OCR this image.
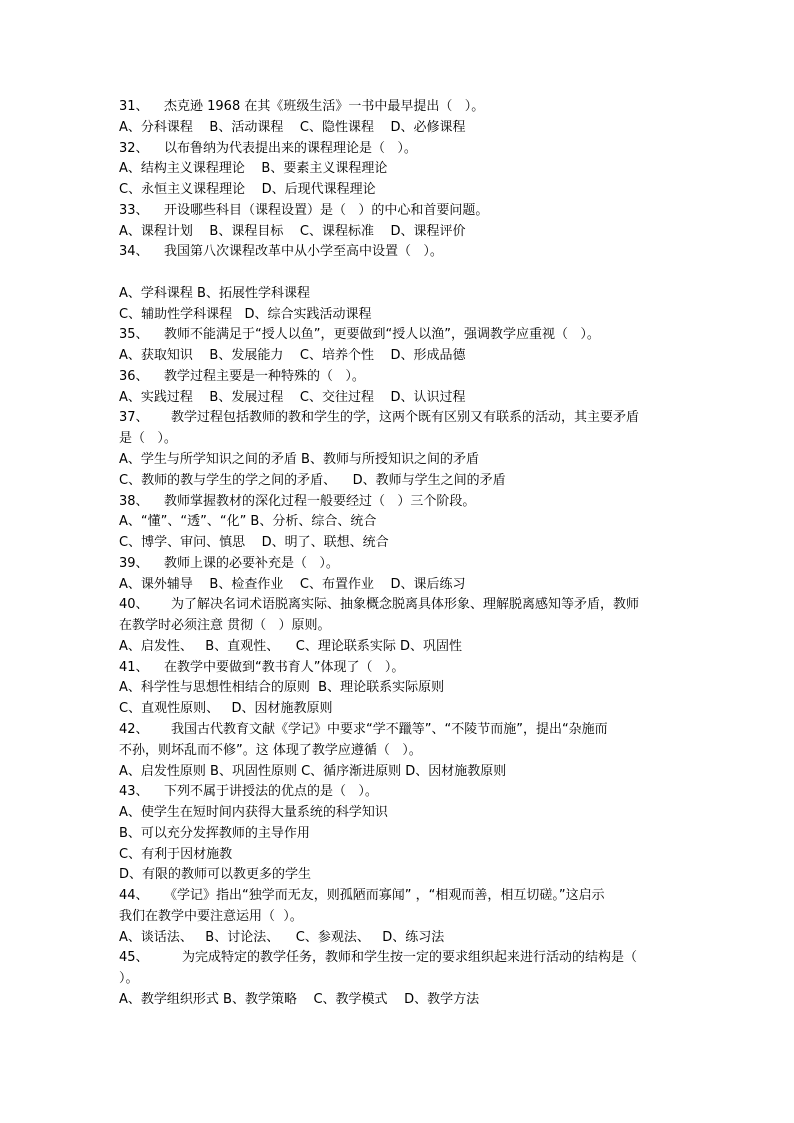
31、 杰克逊 1968 在其《班级生活》一书中最早提出（   ）。
A、分科课程    B、活动课程    C、隐性课程    D、必修课程
32、 以布鲁纳为代表提出来的课程理论是（   ）。
A、结构主义课程理论    B、要素主义课程理论
C、永恒主义课程理论    D、后现代课程理论
33、 开设哪些科目（课程设置）是（   ）的中心和首要问题。
A、课程计划    B、课程目标    C、课程标准    D、课程评价
34、 我国第八次课程改革中从小学至高中设置（   ）。
A、学科课程 B、拓展性学科课程
C、辅助性学科课程   D、综合实践活动课程
35、 教师不能满足于“授人以鱼”，更要做到“授人以渔”，强调教学应重视（   ）。
A、获取知识    B、发展能力    C、培养个性    D、形成品德
36、 教学过程主要是一种特殊的（   ）。
A、实践过程    B、发展过程    C、交往过程    D、认识过程
37、 教学过程包括教师的教和学生的学，这两个既有区别又有联系的活动，其主要矛盾
是（   ）。
A、学生与所学知识之间的矛盾 B、教师与所授知识之间的矛盾
C、教师的教与学生的学之间的矛盾、    D、教师与学生之间的矛盾
38、 教师掌握教材的深化过程一般要经过（   ）三个阶段。
A、“懂”、“透”、“化” B、分析、综合、统合
C、博学、审问、慎思    D、明了、联想、统合
39、 教师上课的必要补充是（   ）。
A、课外辅导    B、检查作业    C、布置作业    D、课后练习
40、 为了解决名词术语脱离实际、抽象概念脱离具体形象、理解脱离感知等矛盾，教师
在教学时必须注意 贯彻（   ）原则。
A、启发性、   B、直观性、    C、理论联系实际 D、巩固性
41、 在教学中要做到“教书育人”体现了（   ）。
A、科学性与思想性相结合的原则  B、理论联系实际原则
C、直观性原则、   D、因材施教原则
42、 我国古代教育文献《学记》中要求“学不躐等”、“不陵节而施”，提出“杂施而
不孙，则坏乱而不修”。这 体现了教学应遵循（   ）。
A、启发性原则 B、巩固性原则 C、循序渐进原则 D、因材施教原则
43、 下列不属于讲授法的优点的是（   ）。
A、使学生在短时间内获得大量系统的科学知识
B、可以充分发挥教师的主导作用
C、有利于因材施教
D、有限的教师可以教更多的学生
44、 《学记》指出“独学而无友，则孤陋而寡闻” ，“相观而善，相互切磋。”这启示
我们在教学中要注意运用（  ）。
A、谈话法、   B、讨论法、    C、参观法、   D、练习法
45、	为完成特定的教学任务，教师和学生按一定的要求组织起来进行活动的结构是（
）。
A、教学组织形式 B、教学策略    C、教学模式    D、教学方法
